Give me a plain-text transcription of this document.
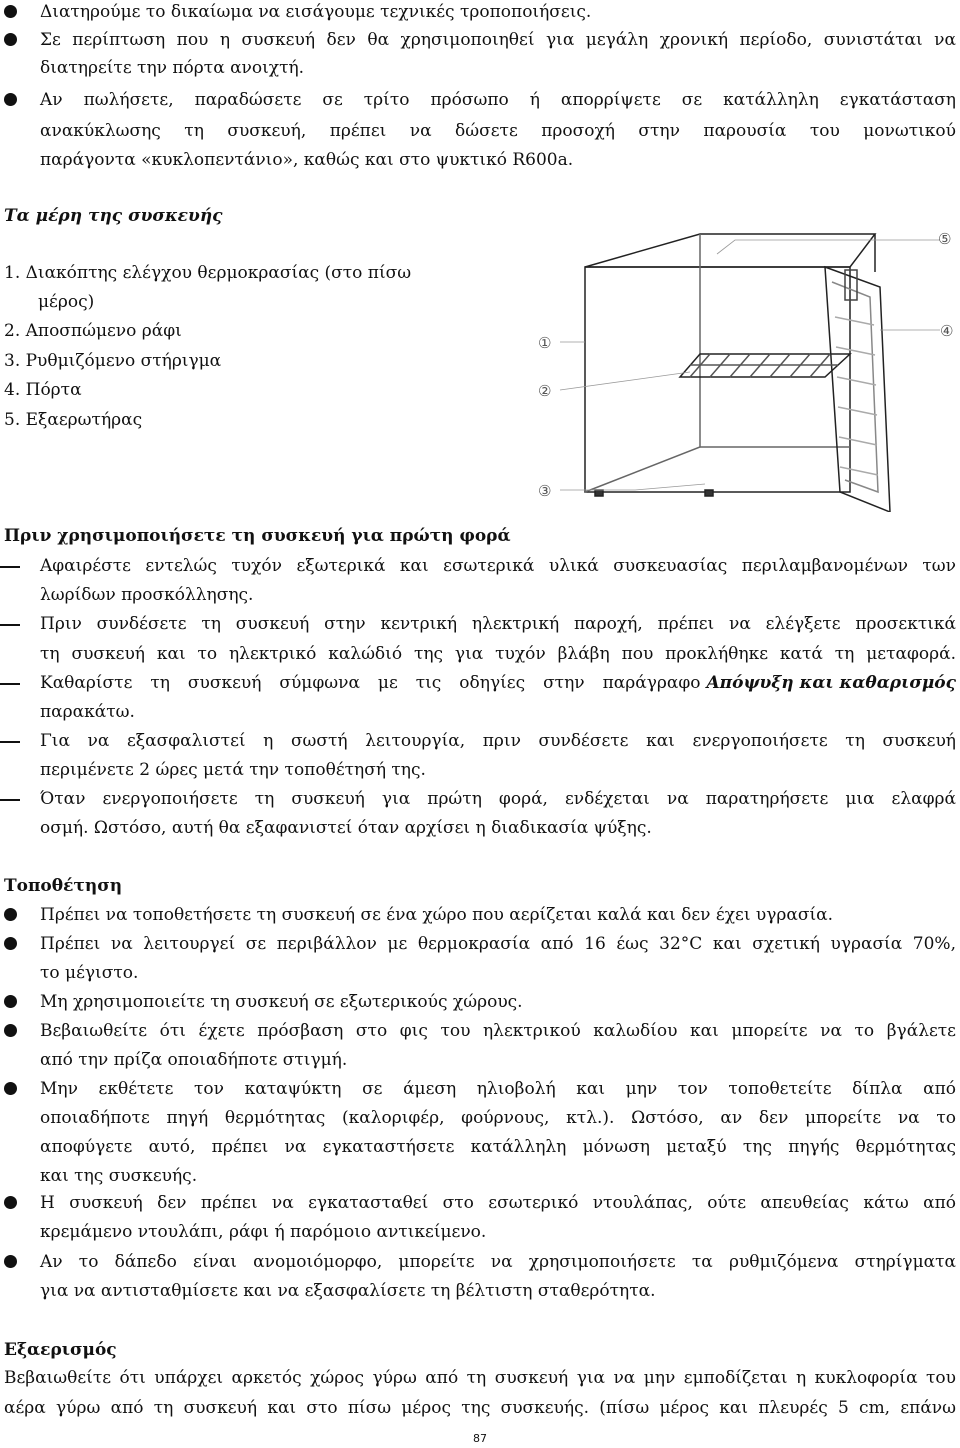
Διατηρούμε το δικαίωμα να εισάγουμε τεχνικές τροποποιήσεις.
Σε περίπτωση που η συσκευή δεν θα χρησιμοποιηθεί για μεγάλη χρονική περίοδο, συνιστάται να
διατηρείτε την πόρτα ανοιχτή.
Αν πωλήσετε, παραδώσετε σε τρίτο πρόσωπο ή απορρίψετε σε κατάλληλη εγκατάσταση
ανακύκλωσης τη συσκευή, πρέπει να δώσετε προσοχή στην παρουσία του μονωτικού
παράγοντα «κυκλοπεντάνιο», καθώς και στο ψυκτικό R600a.
Τα μέρη της συσκευής
1. Διακόπτης ελέγχου θερμοκρασίας (στο πίσω
μέρος)
2. Αποσπώμενο ράφι
3. Ρυθμιζόμενο στήριγμα
4. Πόρτα
5. Εξαερωτήρας
⑤
④
①
②
③
Πριν χρησιμοποιήσετε τη συσκευή για πρώτη φορά
Αφαιρέστε εντελώς τυχόν εξωτερικά και εσωτερικά υλικά συσκευασίας περιλαμβανομένων των
λωρίδων προσκόλλησης.
Πριν συνδέσετε τη συσκευή στην κεντρική ηλεκτρική παροχή, πρέπει να ελέγξετε προσεκτικά
τη συσκευή και το ηλεκτρικό καλώδιό της για τυχόν βλάβη που προκλήθηκε κατά τη μεταφορά.
Καθαρίστε τη συσκευή σύμφωνα με τις οδηγίες στην παράγραφο Απόψυξη και καθαρισμός
παρακάτω.
Για να εξασφαλιστεί η σωστή λειτουργία, πριν συνδέσετε και ενεργοποιήσετε τη συσκευή
περιμένετε 2 ώρες μετά την τοποθέτησή της.
Όταν ενεργοποιήσετε τη συσκευή για πρώτη φορά, ενδέχεται να παρατηρήσετε μια ελαφρά
οσμή. Ωστόσο, αυτή θα εξαφανιστεί όταν αρχίσει η διαδικασία ψύξης.
Τοποθέτηση
Πρέπει να τοποθετήσετε τη συσκευή σε ένα χώρο που αερίζεται καλά και δεν έχει υγρασία.
Πρέπει να λειτουργεί σε περιβάλλον με θερμοκρασία από 16 έως 32°C και σχετική υγρασία 70%,
το μέγιστο.
Μη χρησιμοποιείτε τη συσκευή σε εξωτερικούς χώρους.
Βεβαιωθείτε ότι έχετε πρόσβαση στο φις του ηλεκτρικού καλωδίου και μπορείτε να το βγάλετε
από την πρίζα οποιαδήποτε στιγμή.
Μην εκθέτετε τον καταψύκτη σε άμεση ηλιοβολή και μην τον τοποθετείτε δίπλα από
οποιαδήποτε πηγή θερμότητας (καλοριφέρ, φούρνους, κτλ.). Ωστόσο, αν δεν μπορείτε να το
αποφύγετε αυτό, πρέπει να εγκαταστήσετε κατάλληλη μόνωση μεταξύ της πηγής θερμότητας
και της συσκευής.
Η συσκευή δεν πρέπει να εγκατασταθεί στο εσωτερικό ντουλάπας, ούτε απευθείας κάτω από
κρεμάμενο ντουλάπι, ράφι ή παρόμοιο αντικείμενο.
Αν το δάπεδο είναι ανομοιόμορφο, μπορείτε να χρησιμοποιήσετε τα ρυθμιζόμενα στηρίγματα
για να αντισταθμίσετε και να εξασφαλίσετε τη βέλτιστη σταθερότητα.
Εξαερισμός
Βεβαιωθείτε ότι υπάρχει αρκετός χώρος γύρω από τη συσκευή για να μην εμποδίζεται η κυκλοφορία του
αέρα γύρω από τη συσκευή και στο πίσω μέρος της συσκευής. (πίσω μέρος και πλευρές 5 cm, επάνω
87
